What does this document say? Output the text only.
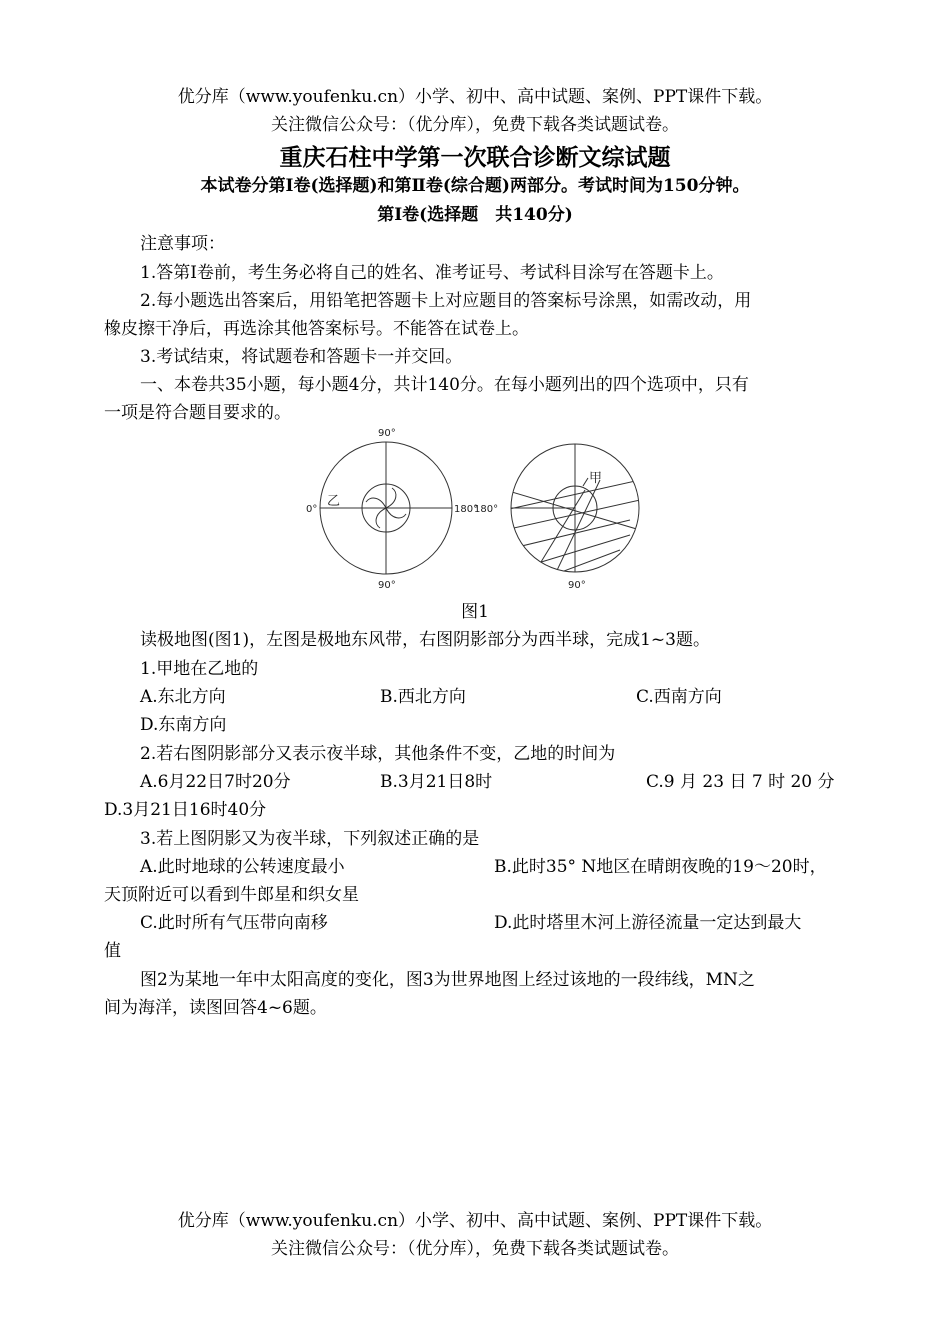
优分库（www.youfenku.cn）小学、初中、高中试题、案例、PPT课件下载。
关注微信公众号：（优分库），免费下载各类试题试卷。
重庆石柱中学第一次联合诊断文综试题
本试卷分第Ⅰ卷(选择题)和第Ⅱ卷(综合题)两部分。考试时间为150分钟。
第Ⅰ卷(选择题　共140分)
注意事项：
1.答第Ⅰ卷前，考生务必将自己的姓名、准考证号、考试科目涂写在答题卡上。
2.每小题选出答案后，用铅笔把答题卡上对应题目的答案标号涂黑，如需改动，用
橡皮擦干净后，再选涂其他答案标号。不能答在试卷上。
3.考试结束，将试题卷和答题卡一并交回。
一、本卷共35小题，每小题4分，共计140分。在每小题列出的四个选项中，只有
一项是符合题目要求的。
90°
90°
0°	180°
乙
180°
90°
甲
图1
读极地图(图1)，左图是极地东风带，右图阴影部分为西半球，完成1~3题。
1.甲地在乙地的
A.东北方向	B.西北方向	C.西南方向
D.东南方向
2.若右图阴影部分又表示夜半球，其他条件不变，乙地的时间为
A.6月22日7时20分	B.3月21日8时	C.9 月 23 日 7 时 20 分
D.3月21日16时40分
3.若上图阴影又为夜半球，下列叙述正确的是
A.此时地球的公转速度最小	B.此时35° N地区在晴朗夜晚的19～20时，
天顶附近可以看到牛郎星和织女星
C.此时所有气压带向南移	D.此时塔里木河上游径流量一定达到最大
值
图2为某地一年中太阳高度的变化，图3为世界地图上经过该地的一段纬线，MN之
间为海洋，读图回答4~6题。
优分库（www.youfenku.cn）小学、初中、高中试题、案例、PPT课件下载。
关注微信公众号：（优分库），免费下载各类试题试卷。
